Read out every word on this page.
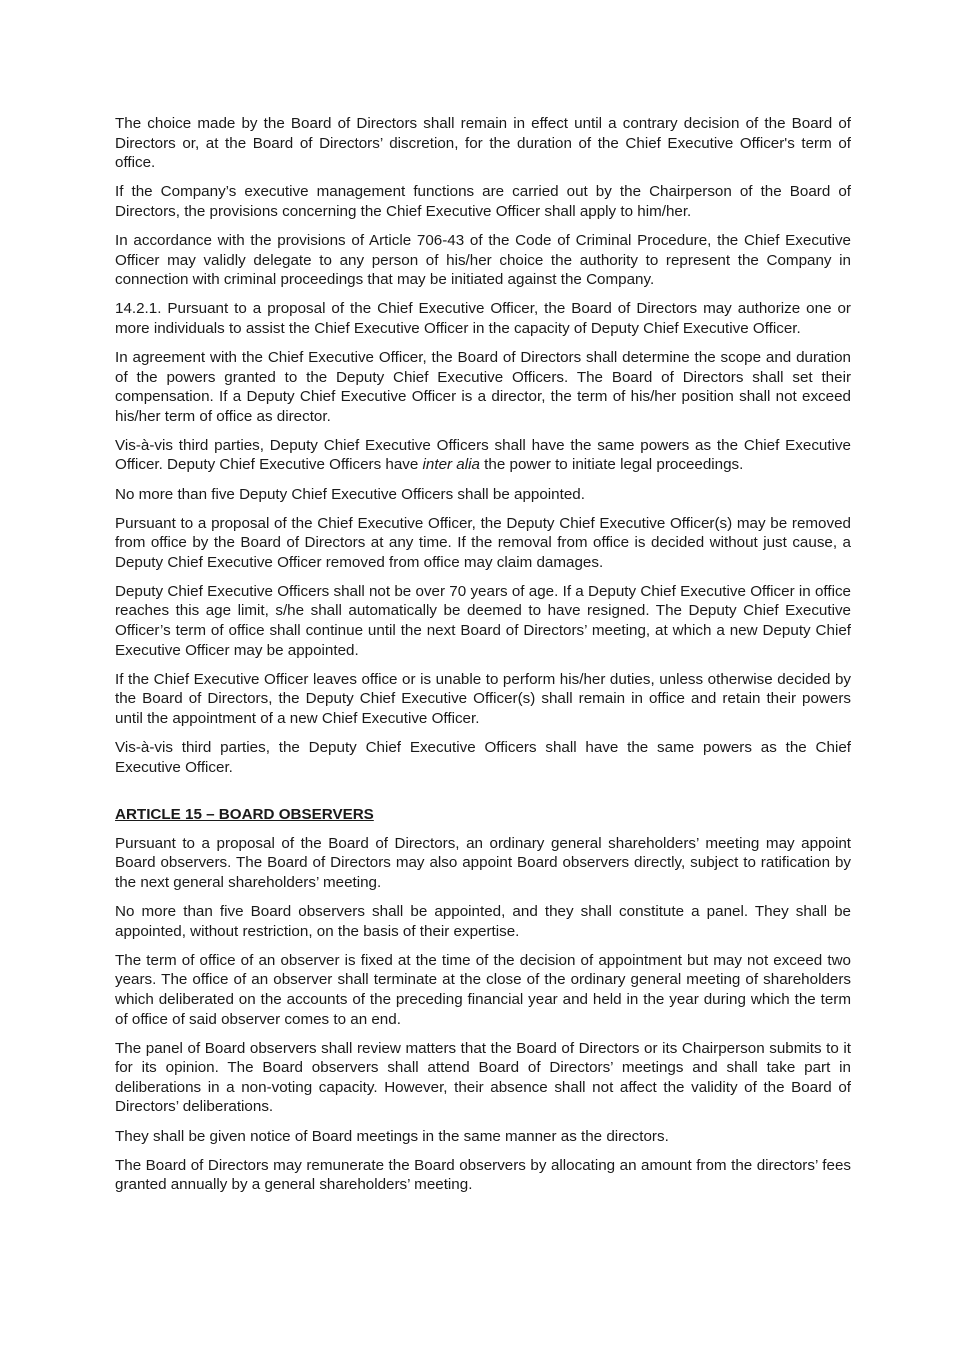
The choice made by the Board of Directors shall remain in effect until a contrary decision of the Board of Directors or, at the Board of Directors’ discretion, for the duration of the Chief Executive Officer's term of office.

If the Company’s executive management functions are carried out by the Chairperson of the Board of Directors, the provisions concerning the Chief Executive Officer shall apply to him/her.

In accordance with the provisions of Article 706-43 of the Code of Criminal Procedure, the Chief Executive Officer may validly delegate to any person of his/her choice the authority to represent the Company in connection with criminal proceedings that may be initiated against the Company.

14.2.1. Pursuant to a proposal of the Chief Executive Officer, the Board of Directors may authorize one or more individuals to assist the Chief Executive Officer in the capacity of Deputy Chief Executive Officer.

In agreement with the Chief Executive Officer, the Board of Directors shall determine the scope and duration of the powers granted to the Deputy Chief Executive Officers. The Board of Directors shall set their compensation. If a Deputy Chief Executive Officer is a director, the term of his/her position shall not exceed his/her term of office as director.

Vis-à-vis third parties, Deputy Chief Executive Officers shall have the same powers as the Chief Executive Officer. Deputy Chief Executive Officers have inter alia the power to initiate legal proceedings.

No more than five Deputy Chief Executive Officers shall be appointed.

Pursuant to a proposal of the Chief Executive Officer, the Deputy Chief Executive Officer(s) may be removed from office by the Board of Directors at any time. If the removal from office is decided without just cause, a Deputy Chief Executive Officer removed from office may claim damages.

Deputy Chief Executive Officers shall not be over 70 years of age. If a Deputy Chief Executive Officer in office reaches this age limit, s/he shall automatically be deemed to have resigned. The Deputy Chief Executive Officer’s term of office shall continue until the next Board of Directors’ meeting, at which a new Deputy Chief Executive Officer may be appointed.

If the Chief Executive Officer leaves office or is unable to perform his/her duties, unless otherwise decided by the Board of Directors, the Deputy Chief Executive Officer(s) shall remain in office and retain their powers until the appointment of a new Chief Executive Officer.

Vis-à-vis third parties, the Deputy Chief Executive Officers shall have the same powers as the Chief Executive Officer.

ARTICLE 15 – BOARD OBSERVERS

Pursuant to a proposal of the Board of Directors, an ordinary general shareholders’ meeting may appoint Board observers. The Board of Directors may also appoint Board observers directly, subject to ratification by the next general shareholders’ meeting.

No more than five Board observers shall be appointed, and they shall constitute a panel. They shall be appointed, without restriction, on the basis of their expertise.

The term of office of an observer is fixed at the time of the decision of appointment but may not exceed two years. The office of an observer shall terminate at the close of the ordinary general meeting of shareholders which deliberated on the accounts of the preceding financial year and held in the year during which the term of office of said observer comes to an end.

The panel of Board observers shall review matters that the Board of Directors or its Chairperson submits to it for its opinion. The Board observers shall attend Board of Directors’ meetings and shall take part in deliberations in a non-voting capacity. However, their absence shall not affect the validity of the Board of Directors’ deliberations.

They shall be given notice of Board meetings in the same manner as the directors.

The Board of Directors may remunerate the Board observers by allocating an amount from the directors’ fees granted annually by a general shareholders’ meeting.
